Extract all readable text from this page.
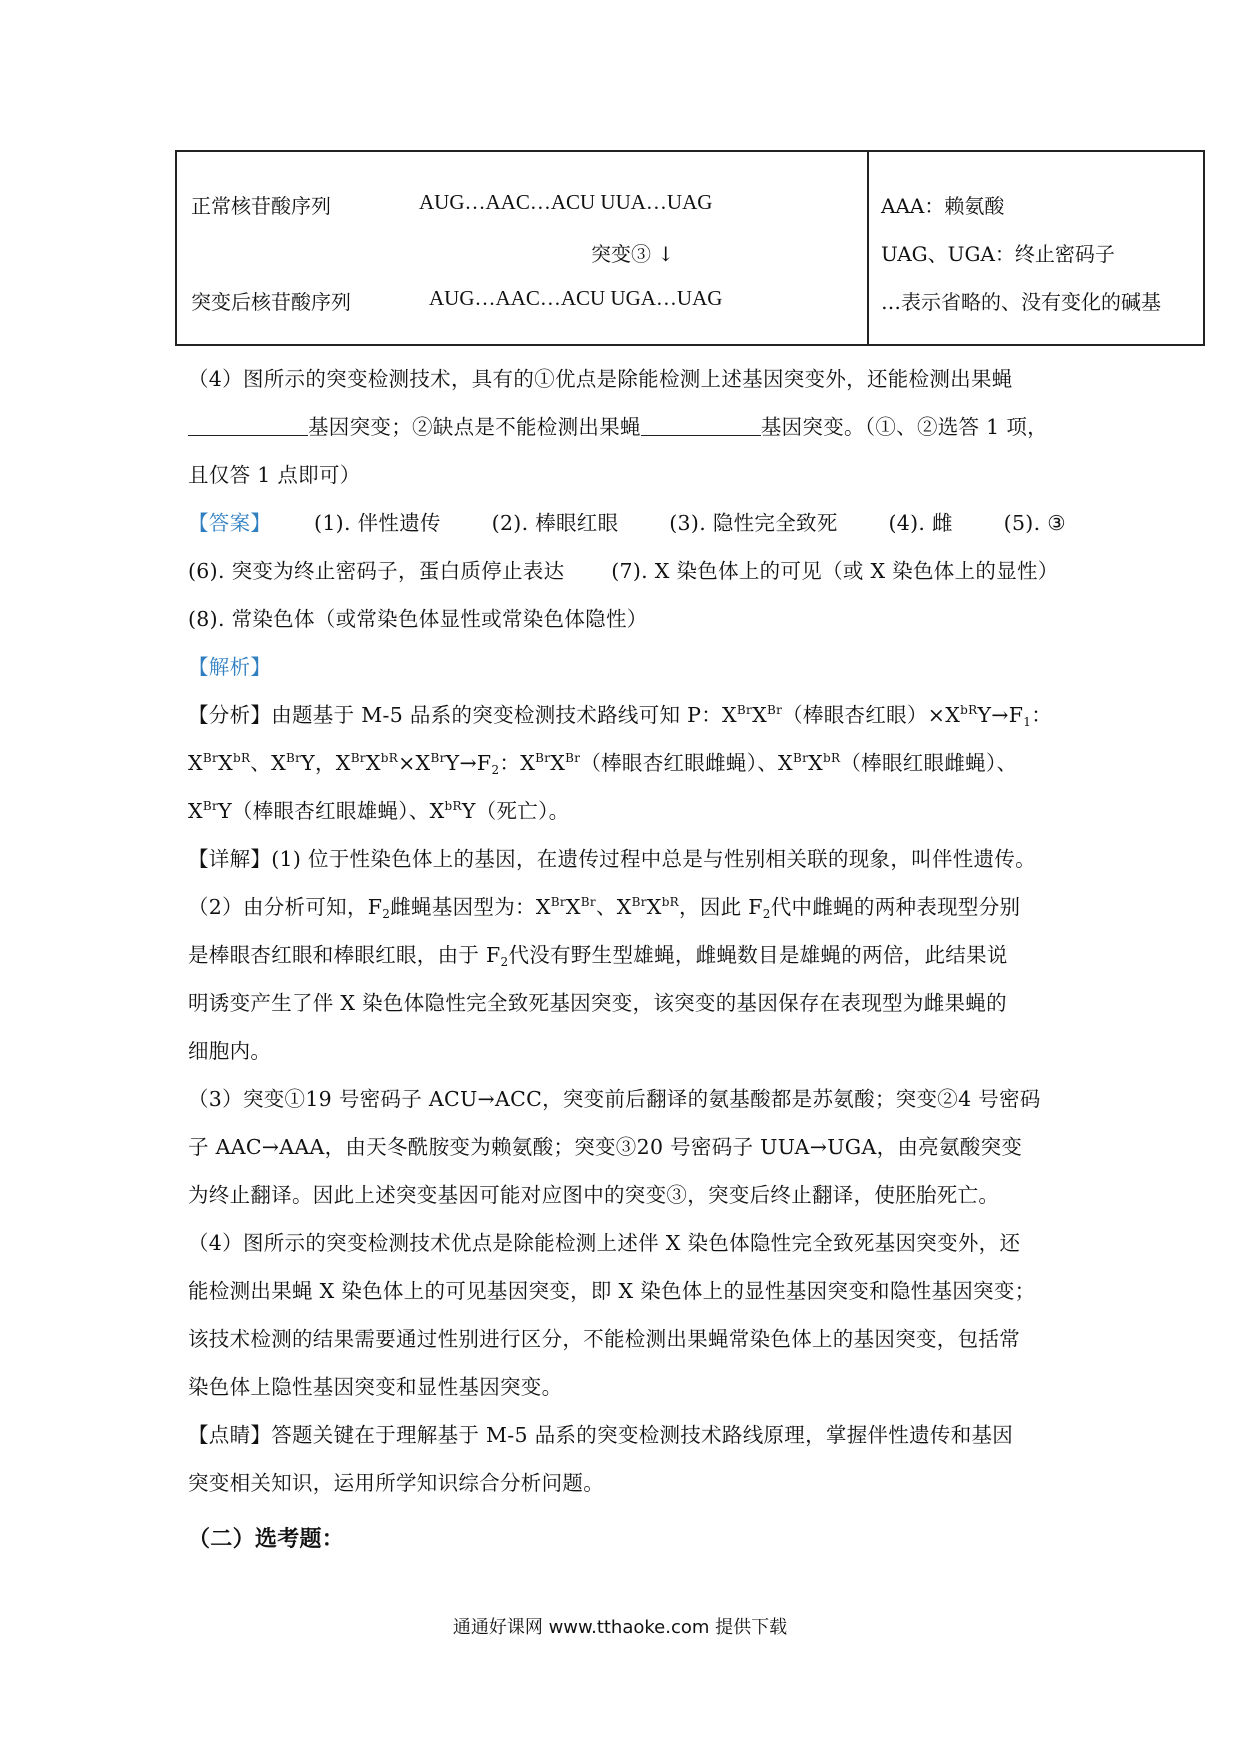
正常核苷酸序列	AUG…AAC…ACU UUA…UAG
突变③ ↓
突变后核苷酸序列	AUG…AAC…ACU UGA…UAG
AAA：赖氨酸
UAG、UGA：终止密码子
…表示省略的、没有变化的碱基
（4）图所示的突变检测技术，具有的①优点是除能检测上述基因突变外，还能检测出果蝇
基因突变；②缺点是不能检测出果蝇	基因突变。（①、②选答 1 项，
且仅答 1 点即可）
【答案】 (1). 伴性遗传 (2). 棒眼红眼 (3). 隐性完全致死 (4). 雌 (5). ③
(6). 突变为终止密码子，蛋白质停止表达 (7). X 染色体上的可见（或 X 染色体上的显性）
(8). 常染色体（或常染色体显性或常染色体隐性）
【解析】
【分析】由题基于 M-5 品系的突变检测技术路线可知 P：$X^{Br}X^{Br}$（棒眼杏红眼）$\times X^{bR}Y\to F_1$：
$X^{Br}X^{bR}$、$X^{Br}Y$，$X^{Br}X^{bR}\times X^{Br}Y\to F_2$：$X^{Br}X^{Br}$（棒眼杏红眼雌蝇）、$X^{Br}X^{bR}$（棒眼红眼雌蝇）、
$X^{Br}Y$（棒眼杏红眼雄蝇）、$X^{bR}Y$（死亡）。
【详解】(1) 位于性染色体上的基因，在遗传过程中总是与性别相关联的现象，叫伴性遗传。
（2）由分析可知，$F_2$雌蝇基因型为：$X^{Br}X^{Br}$、$X^{Br}X^{bR}$，因此 $F_2$代中雌蝇的两种表现型分别
是棒眼杏红眼和棒眼红眼，由于 $F_2$代没有野生型雄蝇，雌蝇数目是雄蝇的两倍，此结果说
明诱变产生了伴 X 染色体隐性完全致死基因突变，该突变的基因保存在表现型为雌果蝇的
细胞内。
（3）突变①19 号密码子 ACU→ACC，突变前后翻译的氨基酸都是苏氨酸；突变②4 号密码
子 AAC→AAA，由天冬酰胺变为赖氨酸；突变③20 号密码子 UUA→UGA，由亮氨酸突变
为终止翻译。因此上述突变基因可能对应图中的突变③，突变后终止翻译，使胚胎死亡。
（4）图所示的突变检测技术优点是除能检测上述伴 X 染色体隐性完全致死基因突变外，还
能检测出果蝇 X 染色体上的可见基因突变，即 X 染色体上的显性基因突变和隐性基因突变；
该技术检测的结果需要通过性别进行区分，不能检测出果蝇常染色体上的基因突变，包括常
染色体上隐性基因突变和显性基因突变。
【点睛】答题关键在于理解基于 M-5 品系的突变检测技术路线原理，掌握伴性遗传和基因
突变相关知识，运用所学知识综合分析问题。
（二）选考题：
通通好课网 www.tthaoke.com 提供下载
